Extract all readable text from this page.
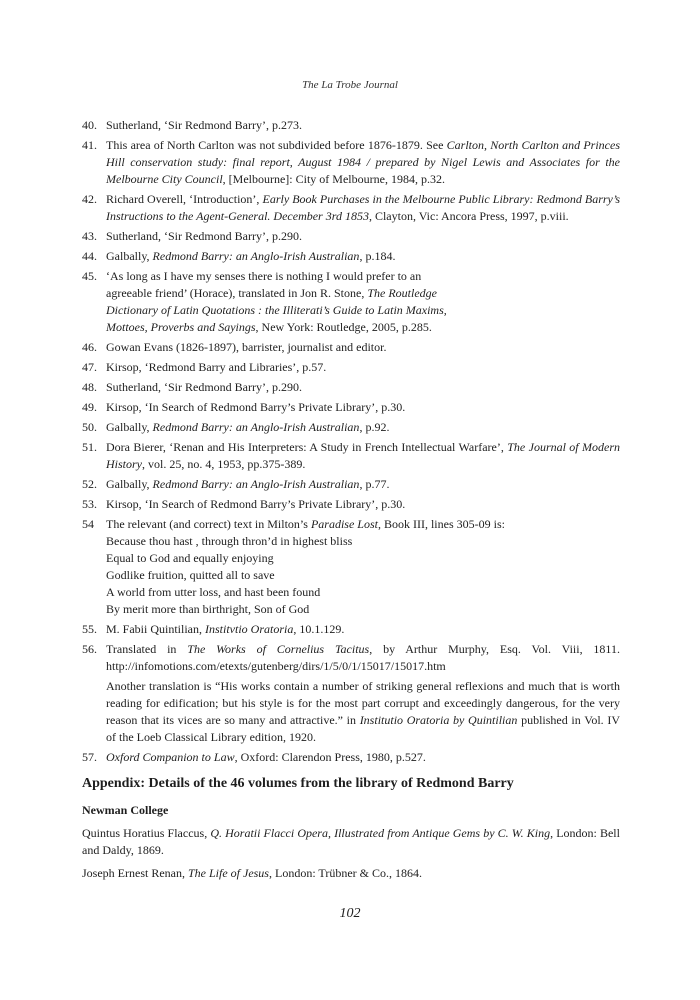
The La Trobe Journal
40. Sutherland, ‘Sir Redmond Barry’, p.273.

41. This area of North Carlton was not subdivided before 1876-1879. See Carlton, North Carlton and Princes Hill conservation study: final report, August 1984 / prepared by Nigel Lewis and Associates for the Melbourne City Council, [Melbourne]: City of Melbourne, 1984, p.32.

42. Richard Overell, ‘Introduction’, Early Book Purchases in the Melbourne Public Library: Redmond Barry’s Instructions to the Agent-General. December 3rd 1853, Clayton, Vic: Ancora Press, 1997, p.viii.

43. Sutherland, ‘Sir Redmond Barry’, p.290.

44. Galbally, Redmond Barry: an Anglo-Irish Australian, p.184.

45. ‘As long as I have my senses there is nothing I would prefer to an
agreeable friend’ (Horace), translated in Jon R. Stone, The Routledge
Dictionary of Latin Quotations : the Illiterati’s Guide to Latin Maxims,
Mottoes, Proverbs and Sayings, New York: Routledge, 2005, p.285.
46. Gowan Evans (1826-1897), barrister, journalist and editor.

47. Kirsop, ‘Redmond Barry and Libraries’, p.57.

48. Sutherland, ‘Sir Redmond Barry’, p.290.

49. Kirsop, ‘In Search of Redmond Barry’s Private Library’, p.30.

50. Galbally, Redmond Barry: an Anglo-Irish Australian, p.92.

51. Dora Bierer, ‘Renan and His Interpreters: A Study in French Intellectual Warfare’, The Journal of Modern History, vol. 25, no. 4, 1953, pp.375-389.

52. Galbally, Redmond Barry: an Anglo-Irish Australian, p.77.

53. Kirsop, ‘In Search of Redmond Barry’s Private Library’, p.30.

54	The relevant (and correct) text in Milton’s Paradise Lost, Book III, lines 305-09 is:
Because thou hast , through thron’d in highest bliss
Equal to God and equally enjoying
Godlike fruition, quitted all to save
A world from utter loss, and hast been found
By merit more than birthright, Son of God
55. M. Fabii Quintilian, Institvtio Oratoria, 10.1.129.

56. Translated in The Works of Cornelius Tacitus, by Arthur Murphy, Esq. Vol. Viii, 1811. http://infomotions.com/etexts/gutenberg/dirs/1/5/0/1/15017/15017.htm

Another translation is “His works contain a number of striking general reflexions and much that is worth reading for edification; but his style is for the most part corrupt and exceedingly dangerous, for the very reason that its vices are so many and attractive.” in Institutio Oratoria by Quintilian published in Vol. IV of the Loeb Classical Library edition, 1920.

57. Oxford Companion to Law, Oxford: Clarendon Press, 1980, p.527.

Appendix: Details of the 46 volumes from the library of Redmond Barry
Newman College

Quintus Horatius Flaccus, Q. Horatii Flacci Opera, Illustrated from Antique Gems by C. W. King, London: Bell and Daldy, 1869.

Joseph Ernest Renan, The Life of Jesus, London: Trübner & Co., 1864.

102
